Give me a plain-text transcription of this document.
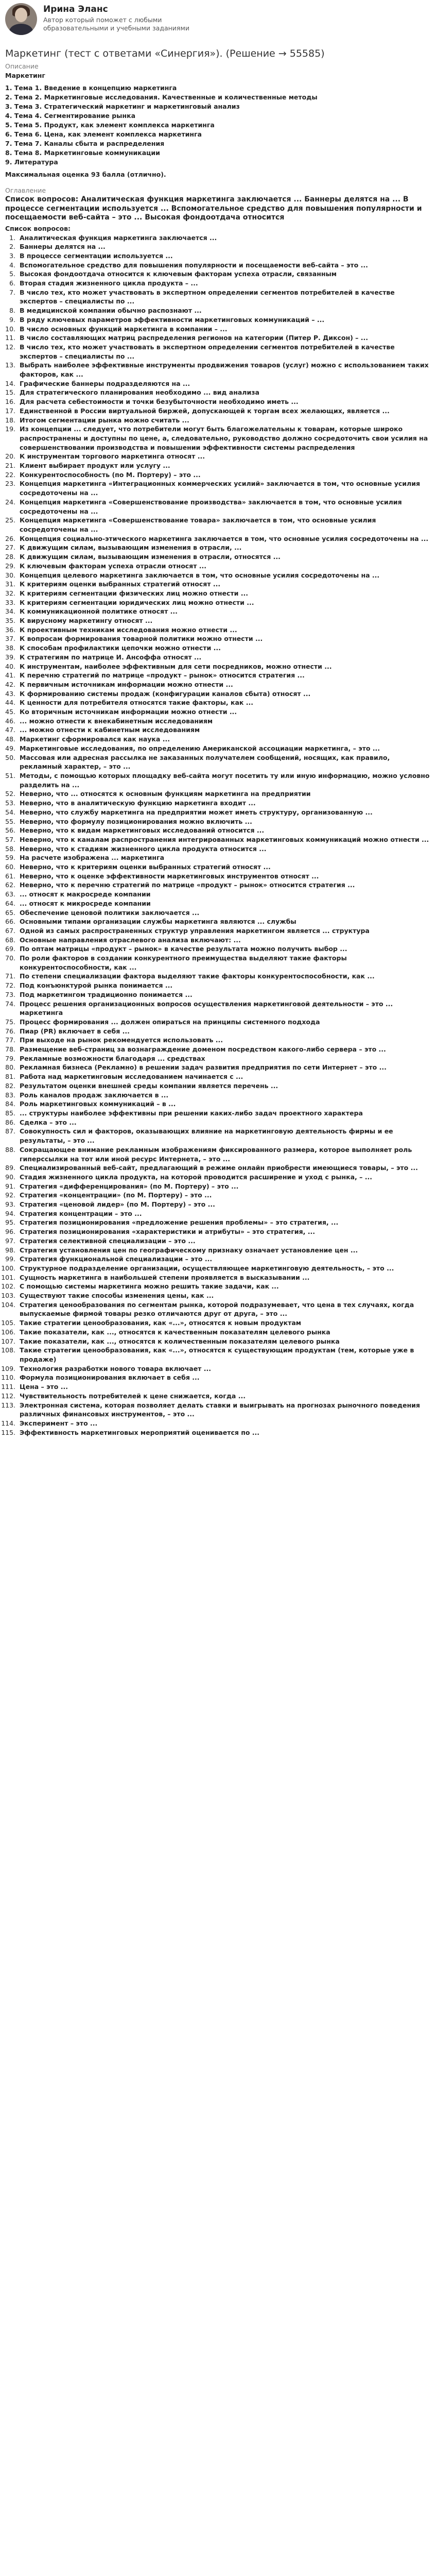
Ирина Эланс
Автор который поможет с любыми образовательными и учебными заданиями
Маркетинг (тест с ответами «Синергия»). (Решение → 55585)
Описание

Маркетинг

1. Тема 1. Введение в концепцию маркетинга

2. Тема 2. Маркетинговые исследования. Качественные и количественные методы

3. Тема 3. Стратегический маркетинг и маркетинговый анализ

4. Тема 4. Сегментирование рынка

5. Тема 5. Продукт, как элемент комплекса маркетинга

6. Тема 6. Цена, как элемент комплекса маркетинга

7. Тема 7. Каналы сбыта и распределения

8. Тема 8. Маркетинговые коммуникации

9. Литература

Максимальная оценка 93 балла (отлично).

Оглавление
Список вопросов: Аналитическая функция маркетинга заключается ... Баннеры делятся на ... В процессе сегментации используется ... Вспомогательное средство для повышения популярности и посещаемости веб-сайта – это ... Высокая фондоотдача относится
Список вопросов:
1. Аналитическая функция маркетинга заключается ...
2. Баннеры делятся на ...
3. В процессе сегментации используется ...
4. Вспомогательное средство для повышения популярности и посещаемости веб-сайта – это ...
5. Высокая фондоотдача относится к ключевым факторам успеха отрасли, связанным
6. Вторая стадия жизненного цикла продукта – ...
7. В число тех, кто может участвовать в экспертном определении сегментов потребителей в качестве экспертов – специалисты по ...
8. В медицинской компании обычно распознают ...
9. В ряду ключевых параметров эффективности маркетинговых коммуникаций – ...
10. В число основных функций маркетинга в компании – ...
11. В число составляющих матриц распределения регионов на категории (Питер Р. Диксон) – ...
12. В число тех, кто может участвовать в экспертном определении сегментов потребителей в качестве экспертов – специалисты по ...
13. Выбрать наиболее эффективные инструменты продвижения товаров (услуг) можно с использованием таких факторов, как ...
14. Графические баннеры подразделяются на ...
15. Для стратегического планирования необходимо ... вид анализа
16. Для расчета себестоимости и точки безубыточности необходимо иметь ...
17. Единственной в России виртуальной биржей, допускающей к торгам всех желающих, является ...
18. Итогом сегментации рынка можно считать ...
19. Из концепции ... следует, что потребители могут быть благожелательны к товарам, которые широко распространены и доступны по цене, а, следовательно, руководство должно сосредоточить свои усилия на совершенствовании производства и повышении эффективности системы распределения
20. К инструментам торгового маркетинга относят ...
21. Клиент выбирает продукт или услугу ...
22. Конкурентоспособность (по М. Портеру) – это ...
23. Концепция маркетинга «Интеграционных коммерческих усилий» заключается в том, что основные усилия сосредоточены на ...
24. Концепция маркетинга «Совершенствование производства» заключается в том, что основные усилия сосредоточены на ...
25. Концепция маркетинга «Совершенствование товара» заключается в том, что основные усилия сосредоточены на ...
26. Концепция социально-этического маркетинга заключается в том, что основные усилия сосредоточены на ...
27. К движущим силам, вызывающим изменения в отрасли, ...
28. К движущим силам, вызывающим изменения в отрасли, относятся ...
29. К ключевым факторам успеха отрасли относят ...
30. Концепция целевого маркетинга заключается в том, что основные усилия сосредоточены на ...
31. К критериям оценки выбранных стратегий относят ...
32. К критериям сегментации физических лиц можно отнести ...
33. К критериям сегментации юридических лиц можно отнести ...
34. К коммуникационной политике относят ...
35. К вирусному маркетингу относят ...
36. К проективным техникам исследования можно отнести ...
37. К вопросам формирования товарной политики можно отнести ...
38. К способам профилактики цепочки можно отнести ...
39. К стратегиям по матрице И. Ансоффа относят ...
40. К инструментам, наиболее эффективным для сети посредников, можно отнести ...
41. К перечню стратегий по матрице «продукт – рынок» относится стратегия ...
42. К первичным источникам информации можно отнести ...
43. К формированию системы продаж (конфигурации каналов сбыта) относят ...
44. К ценности для потребителя относятся такие факторы, как ...
45. Ко вторичным источникам информации можно отнести ...
46. ... можно отнести к внекабинетным исследованиям
47. ... можно отнести к кабинетным исследованиям
48. Маркетинг сформировался как наука ...
49. Маркетинговые исследования, по определению Американской ассоциации маркетинга, – это ...
50. Массовая или адресная рассылка не заказанных получателем сообщений, носящих, как правило, рекламный характер, – это ...
51. Методы, с помощью которых площадку веб-сайта могут посетить ту или иную информацию, можно условно разделить на ...
52. Неверно, что ... относятся к основным функциям маркетинга на предприятии
53. Неверно, что в аналитическую функцию маркетинга входит ...
54. Неверно, что службу маркетинга на предприятии может иметь структуру, организованную ...
55. Неверно, что формулу позиционирования можно включить ...
56. Неверно, что к видам маркетинговых исследований относится ...
57. Неверно, что к каналам распространения интегрированных маркетинговых коммуникаций можно отнести ...
58. Неверно, что к стадиям жизненного цикла продукта относится ...
59. На расчете изображена ... маркетинга
60. Неверно, что к критериям оценки выбранных стратегий относят ...
61. Неверно, что к оценке эффективности маркетинговых инструментов относят ...
62. Неверно, что к перечню стратегий по матрице «продукт – рынок» относится стратегия ...
63. ... относят к макросреде компании
64. ... относят к микросреде компании
65. Обеспечение ценовой политики заключается ...
66. Основными типами организации службы маркетинга являются ... службы
67. Одной из самых распространенных структур управления маркетингом является ... структура
68. Основные направления отраслевого анализа включают: ...
69. По оптам матрицы «продукт – рынок» в качестве результата можно получить выбор ...
70. По роли факторов в создании конкурентного преимущества выделяют такие факторы конкурентоспособности, как ...
71. По степени специализации фактора выделяют такие факторы конкурентоспособности, как ...
72. Под конъюнктурой рынка понимается ...
73. Под маркетингом традиционно понимается ...
74. Процесс решения организационных вопросов осуществления маркетинговой деятельности – это ... маркетинга
75. Процесс формирования ... должен опираться на принципы системного подхода
76. Пиар (PR) включает в себя ...
77. При выходе на рынок рекомендуется использовать ...
78. Размещение веб-страниц за вознаграждение доменом посредством какого-либо сервера – это ...
79. Рекламные возможности благодаря ... средствах
80. Рекламная бизнеса (Рекламно) в решении задач развития предприятия по сети Интернет – это ...
81. Работа над маркетинговым исследованием начинается с ...
82. Результатом оценки внешней среды компании является перечень ...
83. Роль каналов продаж заключается в ...
84. Роль маркетинговых коммуникаций – в ...
85. ... структуры наиболее эффективны при решении каких-либо задач проектного характера
86. Сделка – это ...
87. Совокупность сил и факторов, оказывающих влияние на маркетинговую деятельность фирмы и ее результаты, – это ...
88. Сокращающее внимание рекламным изображениям фиксированного размера, которое выполняет роль гиперссылки на тот или иной ресурс Интернета, – это ...
89. Специализированный веб-сайт, предлагающий в режиме онлайн приобрести имеющиеся товары, – это ...
90. Стадия жизненного цикла продукта, на которой проводится расширение и уход с рынка, – ...
91. Стратегия «дифференцирования» (по М. Портеру) – это ...
92. Стратегия «концентрации» (по М. Портеру) – это ...
93. Стратегия «ценовой лидер» (по М. Портеру) – это ...
94. Стратегия концентрации – это ...
95. Стратегия позиционирования «предложение решения проблемы» – это стратегия, ...
96. Стратегия позиционирования «характеристики и атрибуты» – это стратегия, ...
97. Стратегия селективной специализации – это ...
98. Стратегия установления цен по географическому признаку означает установление цен ...
99. Стратегия функциональной специализации – это ...
100. Структурное подразделение организации, осуществляющее маркетинговую деятельность, – это ...
101. Сущность маркетинга в наибольшей степени проявляется в высказывании ...
102. С помощью системы маркетинга можно решить такие задачи, как ...
103. Существуют такие способы изменения цены, как ...
104. Стратегия ценообразования по сегментам рынка, которой подразумевает, что цена в тех случаях, когда выпускаемые фирмой товары резко отличаются друг от друга, – это ...
105. Такие стратегии ценообразования, как «...», относятся к новым продуктам
106. Такие показатели, как ..., относятся к качественным показателям целевого рынка
107. Такие показатели, как ..., относятся к количественным показателям целевого рынка
108. Такие стратегии ценообразования, как «...», относятся к существующим продуктам (тем, которые уже в продаже)
109. Технология разработки нового товара включает ...
110. Формула позиционирования включает в себя ...
111. Цена – это ...
112. Чувствительность потребителей к цене снижается, когда ...
113. Электронная система, которая позволяет делать ставки и выигрывать на прогнозах рыночного поведения различных финансовых инструментов, – это ...
114. Эксперимент – это ...
115. Эффективность маркетинговых мероприятий оценивается по ...
